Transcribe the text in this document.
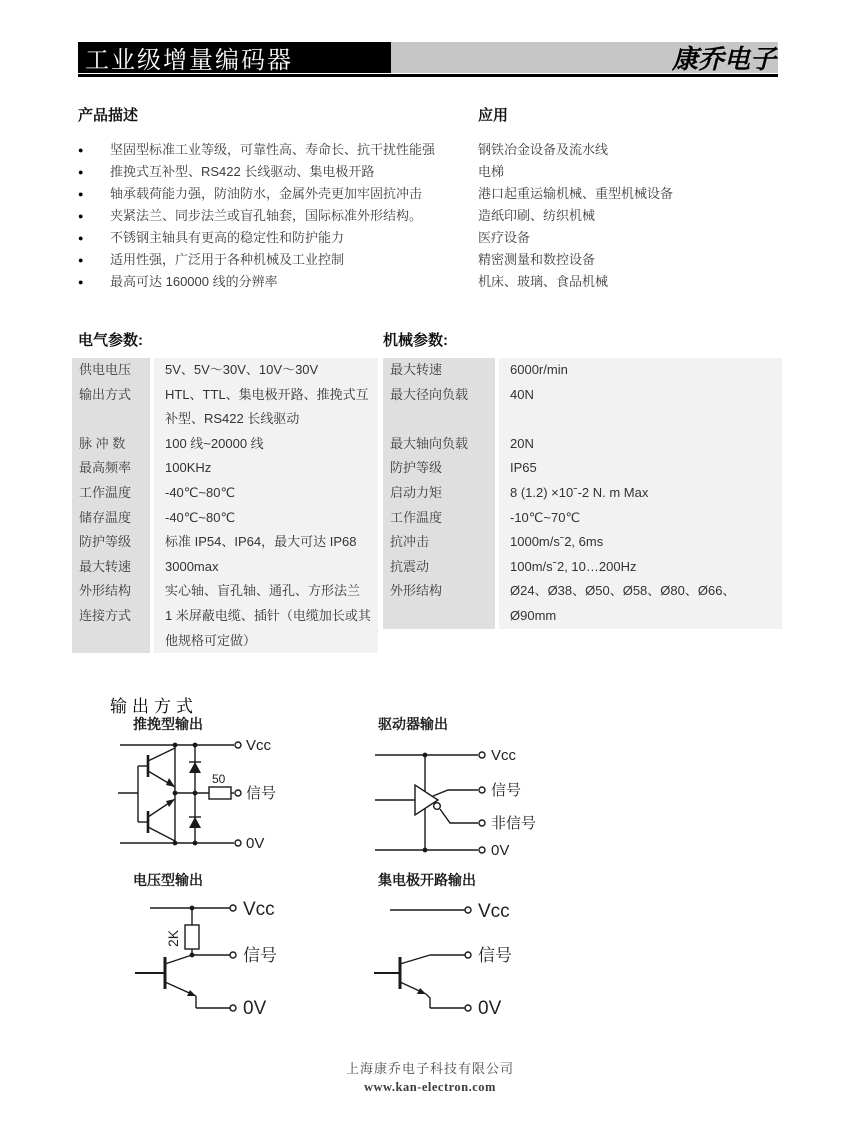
工业级增量编码器	康乔电子
产品描述
●	坚固型标准工业等级，可靠性高、寿命长、抗干扰性能强
●	推挽式互补型、RS422 长线驱动、集电极开路
●	轴承载荷能力强，防油防水，金属外壳更加牢固抗冲击
●	夹紧法兰、同步法兰或盲孔轴套，国际标准外形结构。
●	不锈钢主轴具有更高的稳定性和防护能力
●	适用性强，广泛用于各种机械及工业控制
●	最高可达 160000 线的分辨率
应用
钢铁冶金设备及流水线
电梯
港口起重运输机械、重型机械设备
造纸印刷、纺织机械
医疗设备
精密测量和数控设备
机床、玻璃、食品机械
电气参数:
供电电压	5V、5V～30V、10V～30V
输出方式	HTL、TTL、集电极开路、推挽式互补型、RS422 长线驱动
脉 冲 数	100 线~20000 线
最高频率	100KHz
工作温度	-40℃~80℃
储存温度	-40℃~80℃
防护等级	标准 IP54、IP64，最大可达 IP68
最大转速	3000max
外形结构	实心轴、盲孔轴、通孔、方形法兰
连接方式	1 米屏蔽电缆、插针（电缆加长或其他规格可定做）
机械参数:
最大转速	6000r/min
最大径向负载	40N
最大轴向负载	20N
防护等级	IP65
启动力矩	8 (1.2) ×10ˉ-2 N. m Max
工作温度	-10℃~70℃
抗冲击	1000m/sˉ2, 6ms
抗震动	100m/sˉ2, 10…200Hz
外形结构	Ø24、Ø38、Ø50、Ø58、Ø80、Ø66、Ø90mm
输出方式
推挽型输出
Vcc
50
信号
0V
驱动器输出
Vcc
信号
非信号
0V
电压型输出
2K
Vcc
信号
0V
集电极开路输出
Vcc
信号
0V
上海康乔电子科技有限公司
www.kan-electron.com
